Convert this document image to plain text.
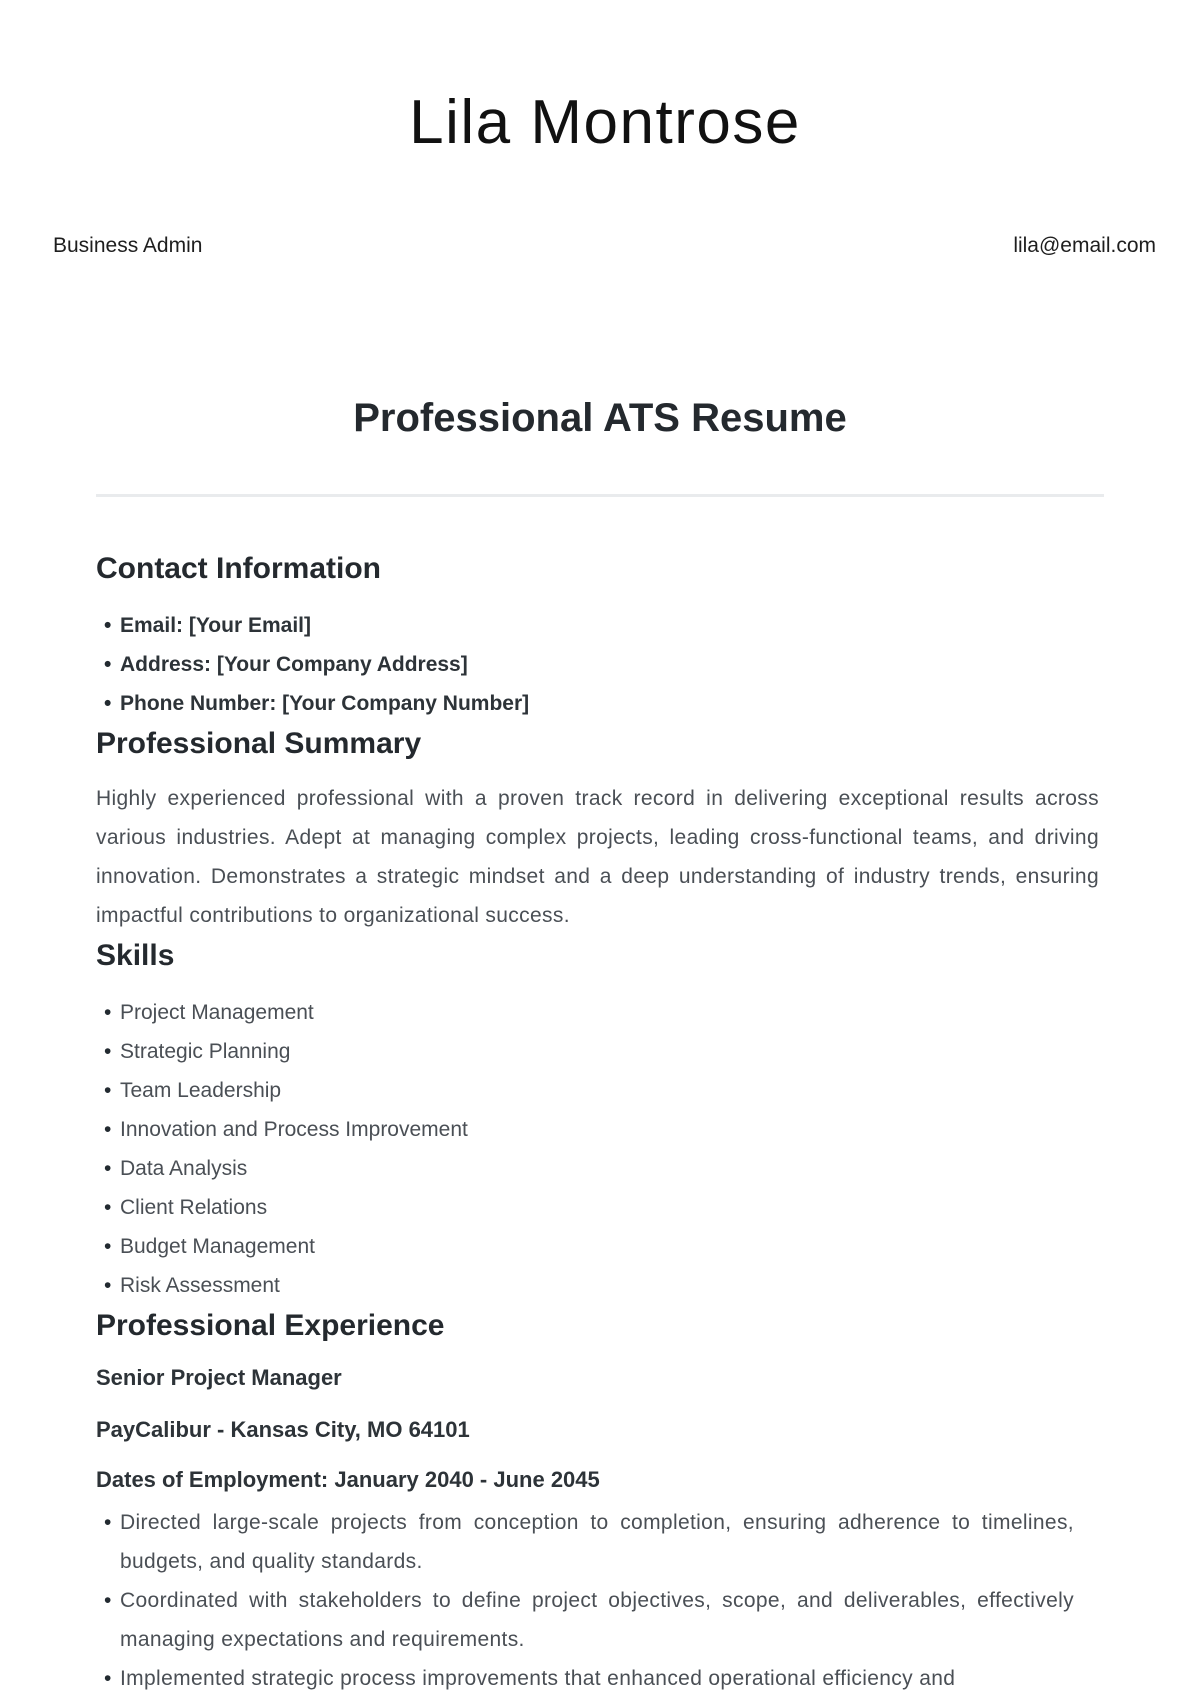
Lila Montrose
Business Admin	lila@email.com
Professional ATS Resume
Contact Information
• Email: [Your Email]
• Address: [Your Company Address]
• Phone Number: [Your Company Number]
Professional Summary

Highly experienced professional with a proven track record in delivering exceptional results across various industries. Adept at managing complex projects, leading cross-functional teams, and driving innovation. Demonstrates a strategic mindset and a deep understanding of industry trends, ensuring impactful contributions to organizational success.

Skills
• Project Management
• Strategic Planning
• Team Leadership
• Innovation and Process Improvement
• Data Analysis
• Client Relations
• Budget Management
• Risk Assessment
Professional Experience
Senior Project Manager
PayCalibur - Kansas City, MO 64101
Dates of Employment: January 2040 - June 2045
• Directed large-scale projects from conception to completion, ensuring adherence to timelines, budgets, and quality standards.
• Coordinated with stakeholders to define project objectives, scope, and deliverables, effectively managing expectations and requirements.
• Implemented strategic process improvements that enhanced operational efficiency and
